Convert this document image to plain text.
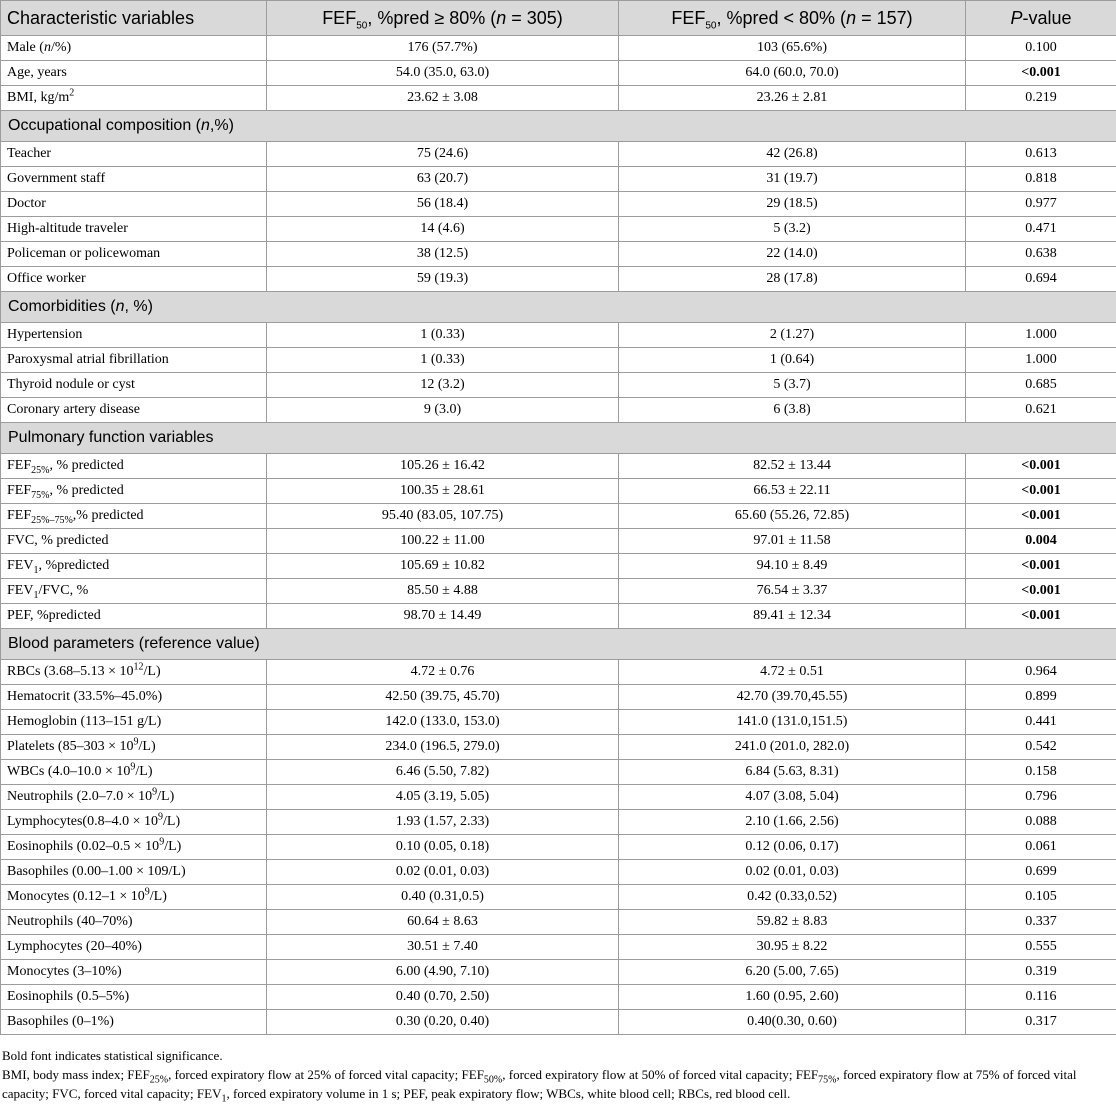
Characteristic variables	$FEF_{50}$, %pred ≥ 80% (n = 305)	$FEF_{50}$, %pred < 80% (n = 157)	P-value
Male (n/%)	176 (57.7%)	103 (65.6%)	0.100
Age, years	54.0 (35.0, 63.0)	64.0 (60.0, 70.0)	<0.001
BMI, $kg/m^2$	23.62 ± 3.08	23.26 ± 2.81	0.219
Occupational composition (n,%)			
Teacher	75 (24.6)	42 (26.8)	0.613
Government staff	63 (20.7)	31 (19.7)	0.818
Doctor	56 (18.4)	29 (18.5)	0.977
High-altitude traveler	14 (4.6)	5 (3.2)	0.471
Policeman or policewoman	38 (12.5)	22 (14.0)	0.638
Office worker	59 (19.3)	28 (17.8)	0.694
Comorbidities (n, %)			
Hypertension	1 (0.33)	2 (1.27)	1.000
Paroxysmal atrial fibrillation	1 (0.33)	1 (0.64)	1.000
Thyroid nodule or cyst	12 (3.2)	5 (3.7)	0.685
Coronary artery disease	9 (3.0)	6 (3.8)	0.621
Pulmonary function variables			
$FEF_{25\%}$, % predicted	105.26 ± 16.42	82.52 ± 13.44	<0.001
$FEF_{75\%}$, % predicted	100.35 ± 28.61	66.53 ± 22.11	<0.001
$FEF_{25\%-75\%},\%$ predicted	95.40 (83.05, 107.75)	65.60 (55.26, 72.85)	<0.001
FVC, % predicted	100.22 ± 11.00	97.01 ± 11.58	0.004
$FEV_1$, %predicted	105.69 ± 10.82	94.10 ± 8.49	<0.001
$FEV_1$/FVC, %	85.50 ± 4.88	76.54 ± 3.37	<0.001
PEF, %predicted	98.70 ± 14.49	89.41 ± 12.34	<0.001
Blood parameters (reference value)			
RBCs $(3.68-5.13 \times 10^{12}/L)$	4.72 ± 0.76	4.72 ± 0.51	0.964
Hematocrit (33.5%–45.0%)	42.50 (39.75, 45.70)	42.70 (39.70,45.55)	0.899
Hemoglobin (113–151 g/L)	142.0 (133.0, 153.0)	141.0 (131.0,151.5)	0.441
Platelets $(85-303 \times 10^9/L)$	234.0 (196.5, 279.0)	241.0 (201.0, 282.0)	0.542
WBCs $(4.0-10.0 \times 10^9/L)$	6.46 (5.50, 7.82)	6.84 (5.63, 8.31)	0.158
Neutrophils $(2.0-7.0 \times 10^9/L)$	4.05 (3.19, 5.05)	4.07 (3.08, 5.04)	0.796
Lymphocytes(0.8–4.0 × $10^9/L$)	1.93 (1.57, 2.33)	2.10 (1.66, 2.56)	0.088
Eosinophils $(0.02-0.5 \times 10^9/L)$	0.10 (0.05, 0.18)	0.12 (0.06, 0.17)	0.061
Basophiles (0.00–1.00 × 109/L)	0.02 (0.01, 0.03)	0.02 (0.01, 0.03)	0.699
Monocytes $(0.12-1 \times 10^9/L)$	0.40 (0.31,0.5)	0.42 (0.33,0.52)	0.105
Neutrophils (40–70%)	60.64 ± 8.63	59.82 ± 8.83	0.337
Lymphocytes (20–40%)	30.51 ± 7.40	30.95 ± 8.22	0.555
Monocytes (3–10%)	6.00 (4.90, 7.10)	6.20 (5.00, 7.65)	0.319
Eosinophils (0.5–5%)	0.40 (0.70, 2.50)	1.60 (0.95, 2.60)	0.116
Basophiles (0–1%)	0.30 (0.20, 0.40)	0.40(0.30, 0.60)	0.317

Bold font indicates statistical significance.

BMI, body mass index; $FEF_{25\%}$, forced expiratory flow at 25% of forced vital capacity; $FEF_{50\%}$, forced expiratory flow at 50% of forced vital capacity; $FEF_{75\%}$, forced expiratory flow at 75% of forced vital capacity; FVC, forced vital capacity; $FEV_1$, forced expiratory volume in 1 s; PEF, peak expiratory flow; WBCs, white blood cell; RBCs, red blood cell.
